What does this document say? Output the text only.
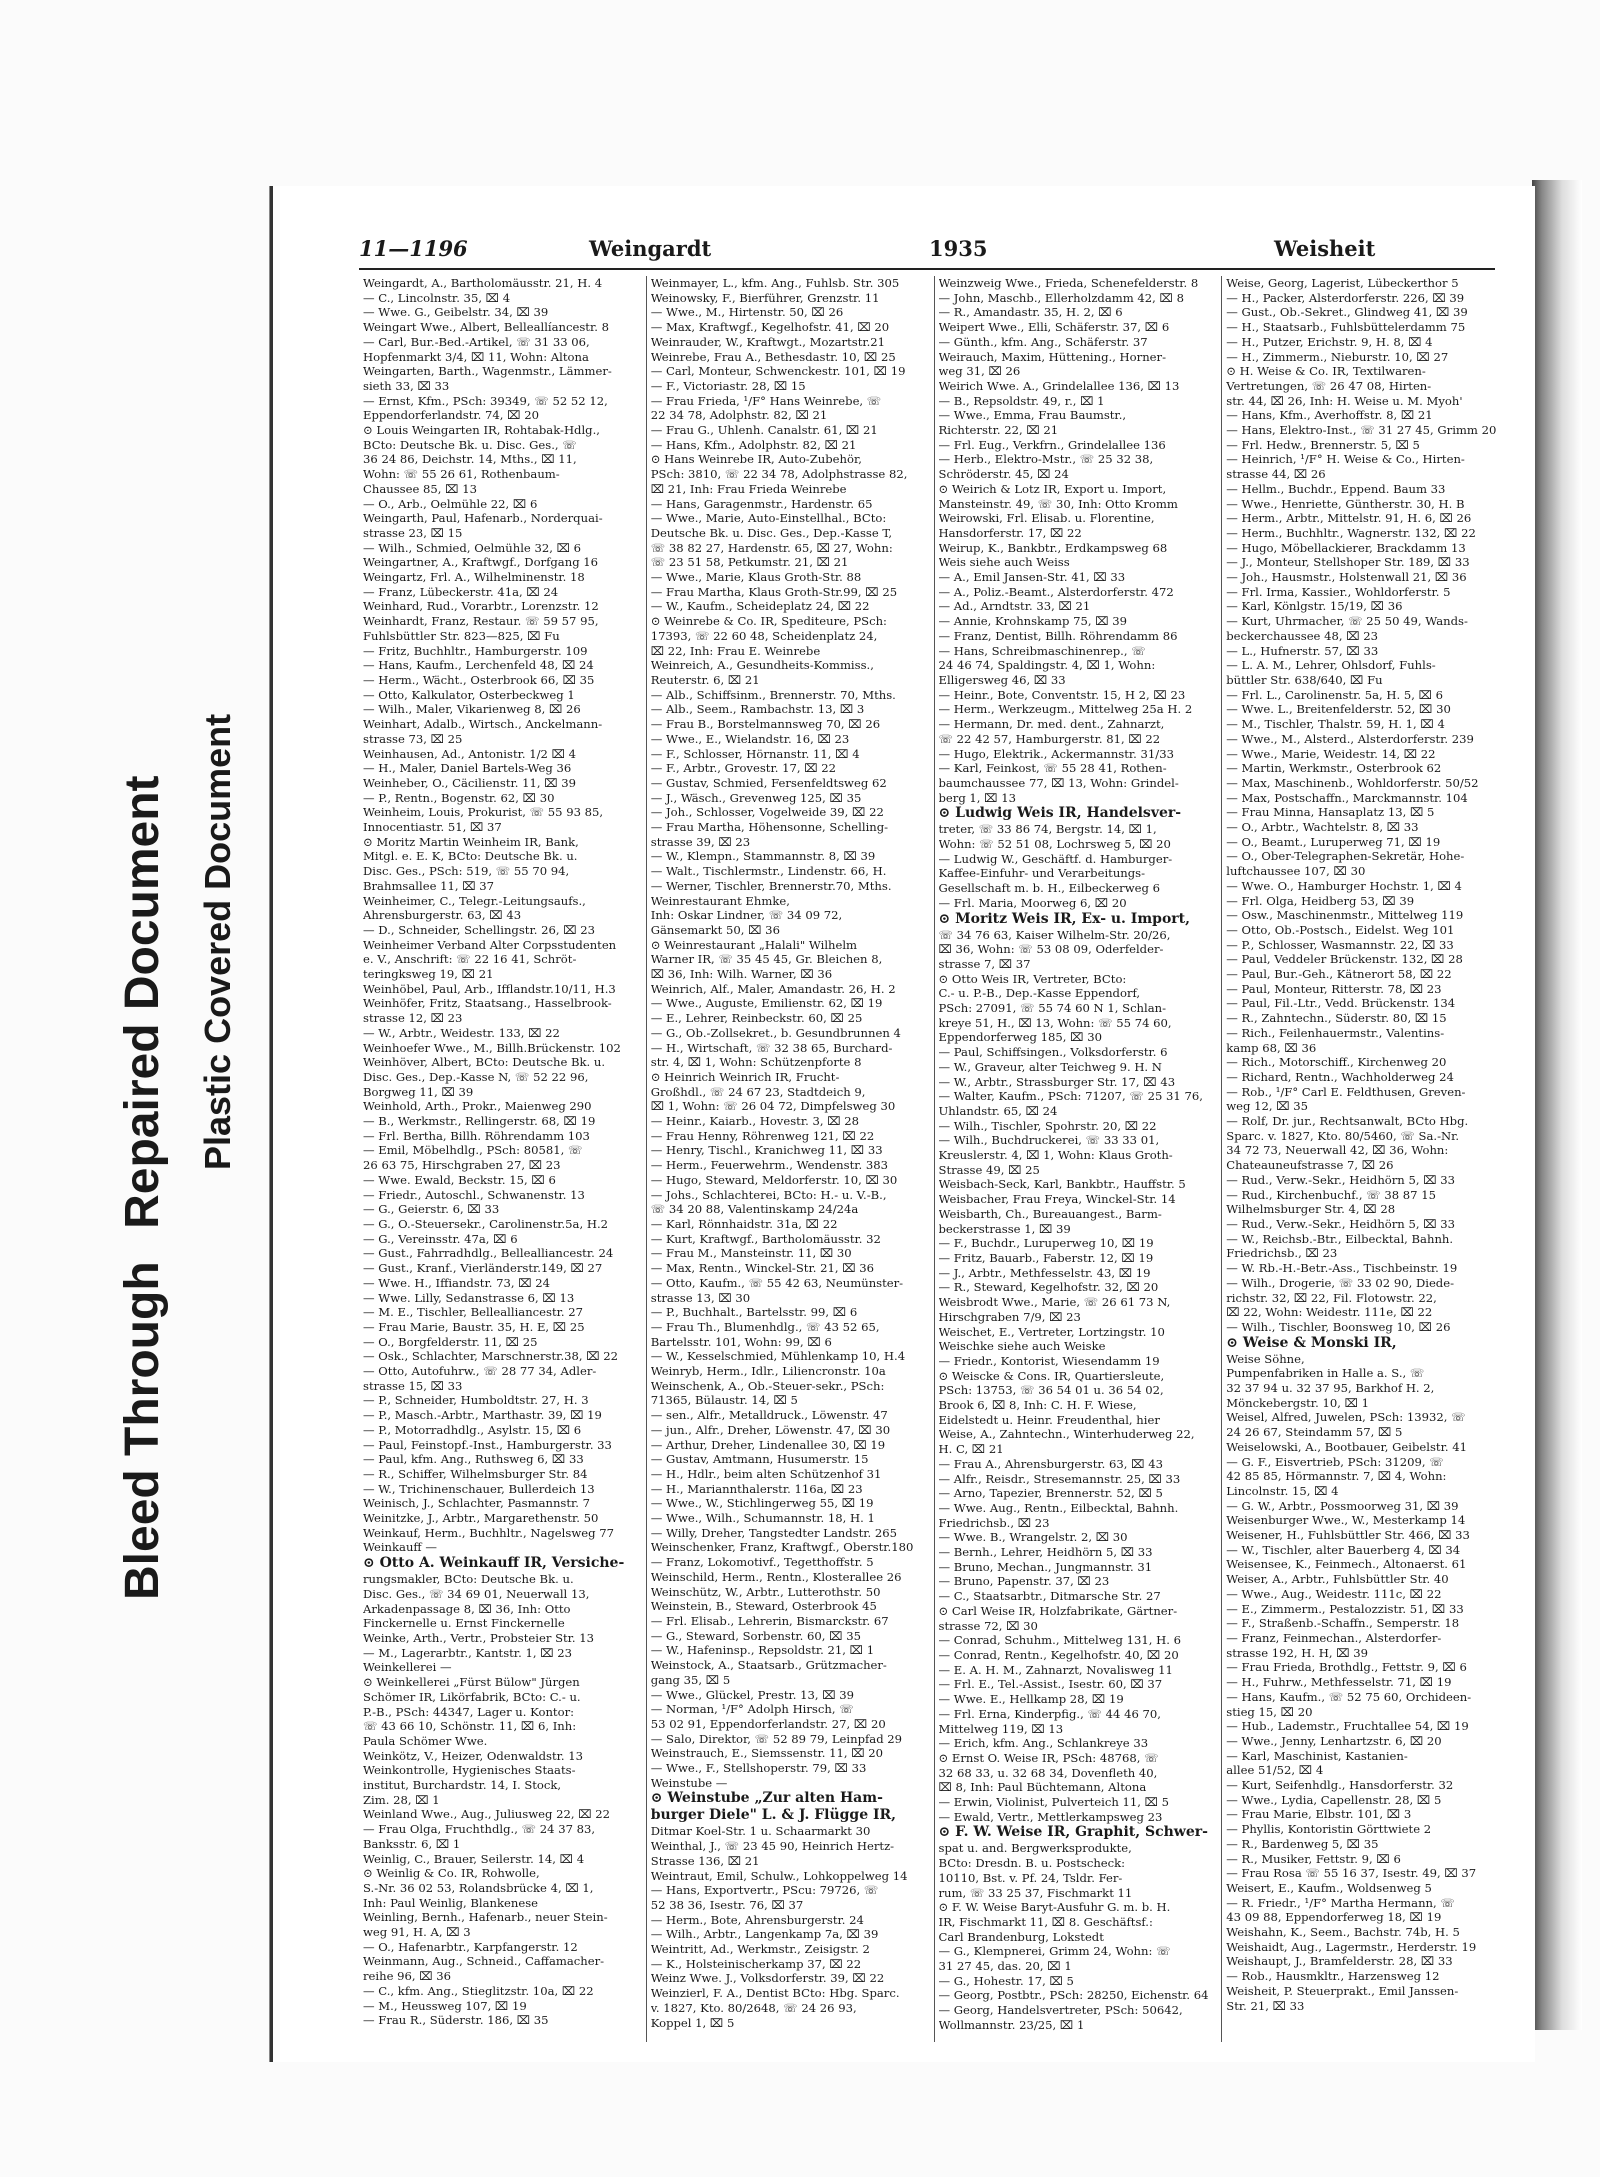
Bleed Through Repaired Document Plastic Covered Document
11—1196	Weingardt	1935	Weisheit

Weingardt, A., Bartholomäusstr. 21, H. 4

— C., Lincolnstr. 35, ⌧ 4

— Wwe. G., Geibelstr. 34, ⌧ 39

Weingart Wwe., Albert, Belleallíancestr. 8

— Carl, Bur.-Bed.-Artikel, ☏ 31 33 06,

Hopfenmarkt 3/4, ⌧ 11, Wohn: Altona

Weingarten, Barth., Wagenmstr., Lämmer-

sieth 33, ⌧ 33

— Ernst, Kfm., PSch: 39349, ☏ 52 52 12,

Eppendorferlandstr. 74, ⌧ 20

⊙ Louis Weingarten IR, Rohtabak-Hdlg.,

BCto: Deutsche Bk. u. Disc. Ges., ☏

36 24 86, Deichstr. 14, Mths., ⌧ 11,

Wohn: ☏ 55 26 61, Rothenbaum-

Chaussee 85, ⌧ 13

— O., Arb., Oelmühle 22, ⌧ 6

Weingarth, Paul, Hafenarb., Norderquai-

strasse 23, ⌧ 15

— Wilh., Schmied, Oelmühle 32, ⌧ 6

Weingartner, A., Kraftwgf., Dorfgang 16

Weingartz, Frl. A., Wilhelminenstr. 18

— Franz, Lübeckerstr. 41a, ⌧ 24

Weinhard, Rud., Vorarbtr., Lorenzstr. 12

Weinhardt, Franz, Restaur. ☏ 59 57 95,

Fuhlsbüttler Str. 823—825, ⌧ Fu

— Fritz, Buchhltr., Hamburgerstr. 109

— Hans, Kaufm., Lerchenfeld 48, ⌧ 24

— Herm., Wächt., Osterbrook 66, ⌧ 35

— Otto, Kalkulator, Osterbeckweg 1

— Wilh., Maler, Vikarienweg 8, ⌧ 26

Weinhart, Adalb., Wirtsch., Anckelmann-

strasse 73, ⌧ 25

Weinhausen, Ad., Antonistr. 1/2 ⌧ 4

— H., Maler, Daniel Bartels-Weg 36

Weinheber, O., Cäcilienstr. 11, ⌧ 39

— P., Rentn., Bogenstr. 62, ⌧ 30

Weinheim, Louis, Prokurist, ☏ 55 93 85,

Innocentiastr. 51, ⌧ 37

⊙ Moritz Martin Weinheim IR, Bank,

Mitgl. e. E. K, BCto: Deutsche Bk. u.

Disc. Ges., PSch: 519, ☏ 55 70 94,

Brahmsallee 11, ⌧ 37

Weinheimer, C., Telegr.-Leitungsaufs.,

Ahrensburgerstr. 63, ⌧ 43

— D., Schneider, Schellingstr. 26, ⌧ 23

Weinheimer Verband Alter Corpsstudenten

e. V., Anschrift: ☏ 22 16 41, Schröt-

teringksweg 19, ⌧ 21

Weinhöbel, Paul, Arb., Ifflandstr.10/11, H.3

Weinhöfer, Fritz, Staatsang., Hasselbrook-

strasse 12, ⌧ 23

— W., Arbtr., Weidestr. 133, ⌧ 22

Weinhoefer Wwe., M., Billh.Brückenstr. 102

Weinhöver, Albert, BCto: Deutsche Bk. u.

Disc. Ges., Dep.-Kasse N, ☏ 52 22 96,

Borgweg 11, ⌧ 39

Weinhold, Arth., Prokr., Maienweg 290

— B., Werkmstr., Rellingerstr. 68, ⌧ 19

— Frl. Bertha, Billh. Röhrendamm 103

— Emil, Möbelhdlg., PSch: 80581, ☏

26 63 75, Hirschgraben 27, ⌧ 23

— Wwe. Ewald, Beckstr. 15, ⌧ 6

— Friedr., Autoschl., Schwanenstr. 13

— G., Geierstr. 6, ⌧ 33

— G., O.-Steuersekr., Carolinenstr.5a, H.2

— G., Vereinsstr. 47a, ⌧ 6

— Gust., Fahrradhdlg., Bellealliancestr. 24

— Gust., Kranf., Vierländerstr.149, ⌧ 27

— Wwe. H., Iffiandstr. 73, ⌧ 24

— Wwe. Lilly, Sedanstrasse 6, ⌧ 13

— M. E., Tischler, Bellealliancestr. 27

— Frau Marie, Baustr. 35, H. E, ⌧ 25

— O., Borgfelderstr. 11, ⌧ 25

— Osk., Schlachter, Marschnerstr.38, ⌧ 22

— Otto, Autofuhrw., ☏ 28 77 34, Adler-

strasse 15, ⌧ 33

— P., Schneider, Humboldtstr. 27, H. 3

— P., Masch.-Arbtr., Marthastr. 39, ⌧ 19

— P., Motorradhdlg., Asylstr. 15, ⌧ 6

— Paul, Feinstopf.-Inst., Hamburgerstr. 33

— Paul, kfm. Ang., Ruthsweg 6, ⌧ 33

— R., Schiffer, Wilhelmsburger Str. 84

— W., Trichinenschauer, Bullerdeich 13

Weinisch, J., Schlachter, Pasmannstr. 7

Weinitzke, J., Arbtr., Margarethenstr. 50

Weinkauf, Herm., Buchhltr., Nagelsweg 77

Weinkauff —

⊙ Otto A. Weinkauff IR, Versiche-

rungsmakler, BCto: Deutsche Bk. u.

Disc. Ges., ☏ 34 69 01, Neuerwall 13,

Arkadenpassage 8, ⌧ 36, Inh: Otto

Finckernelle u. Ernst Finckernelle

Weinke, Arth., Vertr., Probsteier Str. 13

— M., Lagerarbtr., Kantstr. 1, ⌧ 23

Weinkellerei —

⊙ Weinkellerei „Fürst Bülow" Jürgen

Schömer IR, Likörfabrik, BCto: C.- u.

P.-B., PSch: 44347, Lager u. Kontor:

☏ 43 66 10, Schönstr. 11, ⌧ 6, Inh:

Paula Schömer Wwe.

Weinkötz, V., Heizer, Odenwaldstr. 13

Weinkontrolle, Hygienisches Staats-

institut, Burchardstr. 14, I. Stock,

Zim. 28, ⌧ 1

Weinland Wwe., Aug., Juliusweg 22, ⌧ 22

— Frau Olga, Fruchthdlg., ☏ 24 37 83,

Banksstr. 6, ⌧ 1

Weinlig, C., Brauer, Seilerstr. 14, ⌧ 4

⊙ Weinlig & Co. IR, Rohwolle,

S.-Nr. 36 02 53, Rolandsbrücke 4, ⌧ 1,

Inh: Paul Weinlig, Blankenese

Weinling, Bernh., Hafenarb., neuer Stein-

weg 91, H. A, ⌧ 3

— O., Hafenarbtr., Karpfangerstr. 12

Weinmann, Aug., Schneid., Caffamacher-

reihe 96, ⌧ 36

— C., kfm. Ang., Stieglitzstr. 10a, ⌧ 22

— M., Heussweg 107, ⌧ 19

— Frau R., Süderstr. 186, ⌧ 35

Weinmayer, L., kfm. Ang., Fuhlsb. Str. 305

Weinowsky, F., Bierführer, Grenzstr. 11

— Wwe., M., Hirtenstr. 50, ⌧ 26

— Max, Kraftwgf., Kegelhofstr. 41, ⌧ 20

Weinrauder, W., Kraftwgt., Mozartstr.21

Weinrebe, Frau A., Bethesdastr. 10, ⌧ 25

— Carl, Monteur, Schwenckestr. 101, ⌧ 19

— F., Victoriastr. 28, ⌧ 15

— Frau Frieda, ¹/F° Hans Weinrebe, ☏

22 34 78, Adolphstr. 82, ⌧ 21

— Frau G., Uhlenh. Canalstr. 61, ⌧ 21

— Hans, Kfm., Adolphstr. 82, ⌧ 21

⊙ Hans Weinrebe IR, Auto-Zubehör,

PSch: 3810, ☏ 22 34 78, Adolphstrasse 82,

⌧ 21, Inh: Frau Frieda Weinrebe

— Hans, Garagenmstr., Hardenstr. 65

— Wwe., Marie, Auto-Einstellhal., BCto:

Deutsche Bk. u. Disc. Ges., Dep.-Kasse T,

☏ 38 82 27, Hardenstr. 65, ⌧ 27, Wohn:

☏ 23 51 58, Petkumstr. 21, ⌧ 21

— Wwe., Marie, Klaus Groth-Str. 88

— Frau Martha, Klaus Groth-Str.99, ⌧ 25

— W., Kaufm., Scheideplatz 24, ⌧ 22

⊙ Weinrebe & Co. IR, Spediteure, PSch:

17393, ☏ 22 60 48, Scheidenplatz 24,

⌧ 22, Inh: Frau E. Weinrebe

Weinreich, A., Gesundheits-Kommiss.,

Reuterstr. 6, ⌧ 21

— Alb., Schiffsinm., Brennerstr. 70, Mths.

— Alb., Seem., Rambachstr. 13, ⌧ 3

— Frau B., Borstelmannsweg 70, ⌧ 26

— Wwe., E., Wielandstr. 16, ⌧ 23

— F., Schlosser, Hörnanstr. 11, ⌧ 4

— F., Arbtr., Grovestr. 17, ⌧ 22

— Gustav, Schmied, Fersenfeldtsweg 62

— J., Wäsch., Grevenweg 125, ⌧ 35

— Joh., Schlosser, Vogelweide 39, ⌧ 22

— Frau Martha, Höhensonne, Schelling-

strasse 39, ⌧ 23

— W., Klempn., Stammannstr. 8, ⌧ 39

— Walt., Tischlermstr., Lindenstr. 66, H.

— Werner, Tischler, Brennerstr.70, Mths.

Weinrestaurant Ehmke,

Inh: Oskar Lindner, ☏ 34 09 72,

Gänsemarkt 50, ⌧ 36

⊙ Weinrestaurant „Halali" Wilhelm

Warner IR, ☏ 35 45 45, Gr. Bleichen 8,

⌧ 36, Inh: Wilh. Warner, ⌧ 36

Weinrich, Alf., Maler, Amandastr. 26, H. 2

— Wwe., Auguste, Emilienstr. 62, ⌧ 19

— E., Lehrer, Reinbeckstr. 60, ⌧ 25

— G., Ob.-Zollsekret., b. Gesundbrunnen 4

— H., Wirtschaft, ☏ 32 38 65, Burchard-

str. 4, ⌧ 1, Wohn: Schützenpforte 8

⊙ Heinrich Weinrich IR, Frucht-

Großhdl., ☏ 24 67 23, Stadtdeich 9,

⌧ 1, Wohn: ☏ 26 04 72, Dimpfelsweg 30

— Heinr., Kaiarb., Hovestr. 3, ⌧ 28

— Frau Henny, Röhrenweg 121, ⌧ 22

— Henry, Tischl., Kranichweg 11, ⌧ 33

— Herm., Feuerwehrm., Wendenstr. 383

— Hugo, Steward, Meldorferstr. 10, ⌧ 30

— Johs., Schlachterei, BCto: H.- u. V.-B.,

☏ 34 20 88, Valentinskamp 24/24a

— Karl, Rönnhaidstr. 31a, ⌧ 22

— Kurt, Kraftwgf., Bartholomäusstr. 32

— Frau M., Mansteinstr. 11, ⌧ 30

— Max, Rentn., Winckel-Str. 21, ⌧ 36

— Otto, Kaufm., ☏ 55 42 63, Neumünster-

strasse 13, ⌧ 30

— P., Buchhalt., Bartelsstr. 99, ⌧ 6

— Frau Th., Blumenhdlg., ☏ 43 52 65,

Bartelsstr. 101, Wohn: 99, ⌧ 6

— W., Kesselschmied, Mühlenkamp 10, H.4

Weinryb, Herm., Idlr., Liliencronstr. 10a

Weinschenk, A., Ob.-Steuer-sekr., PSch:

71365, Bülaustr. 14, ⌧ 5

— sen., Alfr., Metalldruck., Löwenstr. 47

— jun., Alfr., Dreher, Löwenstr. 47, ⌧ 30

— Arthur, Dreher, Lindenallee 30, ⌧ 19

— Gustav, Amtmann, Husumerstr. 15

— H., Hdlr., beim alten Schützenhof 31

— H., Mariannthalerstr. 116a, ⌧ 23

— Wwe., W., Stichlingerweg 55, ⌧ 19

— Wwe., Wilh., Schumannstr. 18, H. 1

— Willy, Dreher, Tangstedter Landstr. 265

Weinschenker, Franz, Kraftwgf., Oberstr.180

— Franz, Lokomotivf., Tegetthoffstr. 5

Weinschild, Herm., Rentn., Klosterallee 26

Weinschütz, W., Arbtr., Lutterothstr. 50

Weinstein, B., Steward, Osterbrook 45

— Frl. Elisab., Lehrerin, Bismarckstr. 67

— G., Steward, Sorbenstr. 60, ⌧ 35

— W., Hafeninsp., Repsoldstr. 21, ⌧ 1

Weinstock, A., Staatsarb., Grützmacher-

gang 35, ⌧ 5

— Wwe., Glückel, Prestr. 13, ⌧ 39

— Norman, ¹/F° Adolph Hirsch, ☏

53 02 91, Eppendorferlandstr. 27, ⌧ 20

— Salo, Direktor, ☏ 52 89 79, Leinpfad 29

Weinstrauch, E., Siemssenstr. 11, ⌧ 20

— Wwe., F., Stellshoperstr. 79, ⌧ 33

Weinstube —

⊙ Weinstube „Zur alten Ham-

burger Diele" L. & J. Flügge IR,

Ditmar Koel-Str. 1 u. Schaarmarkt 30

Weinthal, J., ☏ 23 45 90, Heinrich Hertz-

Strasse 136, ⌧ 21

Weintraut, Emil, Schulw., Lohkoppelweg 14

— Hans, Exportvertr., PScu: 79726, ☏

52 38 36, Isestr. 76, ⌧ 37

— Herm., Bote, Ahrensburgerstr. 24

— Wilh., Arbtr., Langenkamp 7a, ⌧ 39

Weintritt, Ad., Werkmstr., Zeisigstr. 2

— K., Holsteinischerkamp 37, ⌧ 22

Weinz Wwe. J., Volksdorferstr. 39, ⌧ 22

Weinzierl, F. A., Dentist BCto: Hbg. Sparc.

v. 1827, Kto. 80/2648, ☏ 24 26 93,

Koppel 1, ⌧ 5

Weinzweig Wwe., Frieda, Schenefelderstr. 8

— John, Maschb., Ellerholzdamm 42, ⌧ 8

— R., Amandastr. 35, H. 2, ⌧ 6

Weipert Wwe., Elli, Schäferstr. 37, ⌧ 6

— Günth., kfm. Ang., Schäferstr. 37

Weirauch, Maxim, Hüttening., Horner-

weg 31, ⌧ 26

Weirich Wwe. A., Grindelallee 136, ⌧ 13

— B., Repsoldstr. 49, r., ⌧ 1

— Wwe., Emma, Frau Baumstr.,

Richterstr. 22, ⌧ 21

— Frl. Eug., Verkfrn., Grindelallee 136

— Herb., Elektro-Mstr., ☏ 25 32 38,

Schröderstr. 45, ⌧ 24

⊙ Weirich & Lotz IR, Export u. Import,

Mansteinstr. 49, ☏ 30, Inh: Otto Kromm

Weirowski, Frl. Elisab. u. Florentine,

Hansdorferstr. 17, ⌧ 22

Weirup, K., Bankbtr., Erdkampsweg 68

Weis siehe auch Weiss

— A., Emil Jansen-Str. 41, ⌧ 33

— A., Poliz.-Beamt., Alsterdorferstr. 472

— Ad., Arndtstr. 33, ⌧ 21

— Annie, Krohnskamp 75, ⌧ 39

— Franz, Dentist, Billh. Röhrendamm 86

— Hans, Schreibmaschinenrep., ☏

24 46 74, Spaldingstr. 4, ⌧ 1, Wohn:

Elligersweg 46, ⌧ 33

— Heinr., Bote, Conventstr. 15, H 2, ⌧ 23

— Herm., Werkzeugm., Mittelweg 25a H. 2

— Hermann, Dr. med. dent., Zahnarzt,

☏ 22 42 57, Hamburgerstr. 81, ⌧ 22

— Hugo, Elektrik., Ackermannstr. 31/33

— Karl, Feinkost, ☏ 55 28 41, Rothen-

baumchaussee 77, ⌧ 13, Wohn: Grindel-

berg 1, ⌧ 13

⊙ Ludwig Weis IR, Handelsver-

treter, ☏ 33 86 74, Bergstr. 14, ⌧ 1,

Wohn: ☏ 52 51 08, Lochrsweg 5, ⌧ 20

— Ludwig W., Geschäftf. d. Hamburger-

Kaffee-Einfuhr- und Verarbeitungs-

Gesellschaft m. b. H., Eilbeckerweg 6

— Frl. Maria, Moorweg 6, ⌧ 20

⊙ Moritz Weis IR, Ex- u. Import,

☏ 34 76 63, Kaiser Wilhelm-Str. 20/26,

⌧ 36, Wohn: ☏ 53 08 09, Oderfelder-

strasse 7, ⌧ 37

⊙ Otto Weis IR, Vertreter, BCto:

C.- u. P.-B., Dep.-Kasse Eppendorf,

PSch: 27091, ☏ 55 74 60 N 1, Schlan-

kreye 51, H., ⌧ 13, Wohn: ☏ 55 74 60,

Eppendorferweg 185, ⌧ 30

— Paul, Schiffsingen., Volksdorferstr. 6

— W., Graveur, alter Teichweg 9. H. N

— W., Arbtr., Strassburger Str. 17, ⌧ 43

— Walter, Kaufm., PSch: 71207, ☏ 25 31 76,

Uhlandstr. 65, ⌧ 24

— Wilh., Tischler, Spohrstr. 20, ⌧ 22

— Wilh., Buchdruckerei, ☏ 33 33 01,

Kreuslerstr. 4, ⌧ 1, Wohn: Klaus Groth-

Strasse 49, ⌧ 25

Weisbach-Seck, Karl, Bankbtr., Hauffstr. 5

Weisbacher, Frau Freya, Winckel-Str. 14

Weisbarth, Ch., Bureauangest., Barm-

beckerstrasse 1, ⌧ 39

— F., Buchdr., Luruperweg 10, ⌧ 19

— Fritz, Bauarb., Faberstr. 12, ⌧ 19

— J., Arbtr., Methfesselstr. 43, ⌧ 19

— R., Steward, Kegelhofstr. 32, ⌧ 20

Weisbrodt Wwe., Marie, ☏ 26 61 73 N,

Hirschgraben 7/9, ⌧ 23

Weischet, E., Vertreter, Lortzingstr. 10

Weischke siehe auch Weiske

— Friedr., Kontorist, Wiesendamm 19

⊙ Weiscke & Cons. IR, Quartiersleute,

PSch: 13753, ☏ 36 54 01 u. 36 54 02,

Brook 6, ⌧ 8, Inh: C. H. F. Wiese,

Eidelstedt u. Heinr. Freudenthal, hier

Weise, A., Zahntechn., Winterhuderweg 22,

H. C, ⌧ 21

— Frau A., Ahrensburgerstr. 63, ⌧ 43

— Alfr., Reisdr., Stresemannstr. 25, ⌧ 33

— Arno, Tapezier, Brennerstr. 52, ⌧ 5

— Wwe. Aug., Rentn., Eilbecktal, Bahnh.

Friedrichsb., ⌧ 23

— Wwe. B., Wrangelstr. 2, ⌧ 30

— Bernh., Lehrer, Heidhörn 5, ⌧ 33

— Bruno, Mechan., Jungmannstr. 31

— Bruno, Papenstr. 37, ⌧ 23

— C., Staatsarbtr., Ditmarsche Str. 27

⊙ Carl Weise IR, Holzfabrikate, Gärtner-

strasse 72, ⌧ 30

— Conrad, Schuhm., Mittelweg 131, H. 6

— Conrad, Rentn., Kegelhofstr. 40, ⌧ 20

— E. A. H. M., Zahnarzt, Novalisweg 11

— Frl. E., Tel.-Assist., Isestr. 60, ⌧ 37

— Wwe. E., Hellkamp 28, ⌧ 19

— Frl. Erna, Kinderpfig., ☏ 44 46 70,

Mittelweg 119, ⌧ 13

— Erich, kfm. Ang., Schlankreye 33

⊙ Ernst O. Weise IR, PSch: 48768, ☏

32 68 33, u. 32 68 34, Dovenfleth 40,

⌧ 8, Inh: Paul Büchtemann, Altona

— Erwin, Violinist, Pulverteich 11, ⌧ 5

— Ewald, Vertr., Mettlerkampsweg 23

⊙ F. W. Weise IR, Graphit, Schwer-

spat u. and. Bergwerksprodukte,

BCto: Dresdn. B. u. Postscheck:

10110, Bst. v. Pf. 24, Tsldr. Fer-

rum, ☏ 33 25 37, Fischmarkt 11

⊙ F. W. Weise Baryt-Ausfuhr G. m. b. H.

IR, Fischmarkt 11, ⌧ 8. Geschäftsf.:

Carl Brandenburg, Lokstedt

— G., Klempnerei, Grimm 24, Wohn: ☏

31 27 45, das. 20, ⌧ 1

— G., Hohestr. 17, ⌧ 5

— Georg, Postbtr., PSch: 28250, Eichenstr. 64

— Georg, Handelsvertreter, PSch: 50642,

Wollmannstr. 23/25, ⌧ 1

Weise, Georg, Lagerist, Lübeckerthor 5

— H., Packer, Alsterdorferstr. 226, ⌧ 39

— Gust., Ob.-Sekret., Glindweg 41, ⌧ 39

— H., Staatsarb., Fuhlsbüttelerdamm 75

— H., Putzer, Erichstr. 9, H. 8, ⌧ 4

— H., Zimmerm., Nieburstr. 10, ⌧ 27

⊙ H. Weise & Co. IR, Textilwaren-

Vertretungen, ☏ 26 47 08, Hirten-

str. 44, ⌧ 26, Inh: H. Weise u. M. Myoh'

— Hans, Kfm., Averhoffstr. 8, ⌧ 21

— Hans, Elektro-Inst., ☏ 31 27 45, Grimm 20

— Frl. Hedw., Brennerstr. 5, ⌧ 5

— Heinrich, ¹/F° H. Weise & Co., Hirten-

strasse 44, ⌧ 26

— Hellm., Buchdr., Eppend. Baum 33

— Wwe., Henriette, Güntherstr. 30, H. B

— Herm., Arbtr., Mittelstr. 91, H. 6, ⌧ 26

— Herm., Buchhltr., Wagnerstr. 132, ⌧ 22

— Hugo, Möbellackierer, Brackdamm 13

— J., Monteur, Stellshoper Str. 189, ⌧ 33

— Joh., Hausmstr., Holstenwall 21, ⌧ 36

— Frl. Irma, Kassier., Wohldorferstr. 5

— Karl, Könlgstr. 15/19, ⌧ 36

— Kurt, Uhrmacher, ☏ 25 50 49, Wands-

beckerchaussee 48, ⌧ 23

— L., Hufnerstr. 57, ⌧ 33

— L. A. M., Lehrer, Ohlsdorf, Fuhls-

büttler Str. 638/640, ⌧ Fu

— Frl. L., Carolinenstr. 5a, H. 5, ⌧ 6

— Wwe. L., Breitenfelderstr. 52, ⌧ 30

— M., Tischler, Thalstr. 59, H. 1, ⌧ 4

— Wwe., M., Alsterd., Alsterdorferstr. 239

— Wwe., Marie, Weidestr. 14, ⌧ 22

— Martin, Werkmstr., Osterbrook 62

— Max, Maschinenb., Wohldorferstr. 50/52

— Max, Postschaffn., Marckmannstr. 104

— Frau Minna, Hansaplatz 13, ⌧ 5

— O., Arbtr., Wachtelstr. 8, ⌧ 33

— O., Beamt., Luruperweg 71, ⌧ 19

— O., Ober-Telegraphen-Sekretär, Hohe-

luftchaussee 107, ⌧ 30

— Wwe. O., Hamburger Hochstr. 1, ⌧ 4

— Frl. Olga, Heidberg 53, ⌧ 39

— Osw., Maschinenmstr., Mittelweg 119

— Otto, Ob.-Postsch., Eidelst. Weg 101

— P., Schlosser, Wasmannstr. 22, ⌧ 33

— Paul, Veddeler Brückenstr. 132, ⌧ 28

— Paul, Bur.-Geh., Kätnerort 58, ⌧ 22

— Paul, Monteur, Ritterstr. 78, ⌧ 23

— Paul, Fil.-Ltr., Vedd. Brückenstr. 134

— R., Zahntechn., Süderstr. 80, ⌧ 15

— Rich., Feilenhauermstr., Valentins-

kamp 68, ⌧ 36

— Rich., Motorschiff., Kirchenweg 20

— Richard, Rentn., Wachholderweg 24

— Rob., ¹/F° Carl E. Feldthusen, Greven-

weg 12, ⌧ 35

— Rolf, Dr. jur., Rechtsanwalt, BCto Hbg.

Sparc. v. 1827, Kto. 80/5460, ☏ Sa.-Nr.

34 72 73, Neuerwall 42, ⌧ 36, Wohn:

Chateauneufstrasse 7, ⌧ 26

— Rud., Verw.-Sekr., Heidhörn 5, ⌧ 33

— Rud., Kirchenbuchf., ☏ 38 87 15

Wilhelmsburger Str. 4, ⌧ 28

— Rud., Verw.-Sekr., Heidhörn 5, ⌧ 33

— W., Reichsb.-Btr., Eilbecktal, Bahnh.

Friedrichsb., ⌧ 23

— W. Rb.-H.-Betr.-Ass., Tischbeinstr. 19

— Wilh., Drogerie, ☏ 33 02 90, Diede-

richstr. 32, ⌧ 22, Fil. Flotowstr. 22,

⌧ 22, Wohn: Weidestr. 111e, ⌧ 22

— Wilh., Tischler, Boonsweg 10, ⌧ 26

⊙ Weise & Monski IR,

Weise Söhne,

Pumpenfabriken in Halle a. S., ☏

32 37 94 u. 32 37 95, Barkhof H. 2,

Mönckebergstr. 10, ⌧ 1

Weisel, Alfred, Juwelen, PSch: 13932, ☏

24 26 67, Steindamm 57, ⌧ 5

Weiselowski, A., Bootbauer, Geibelstr. 41

— G. F., Eisvertrieb, PSch: 31209, ☏

42 85 85, Hörmannstr. 7, ⌧ 4, Wohn:

Lincolnstr. 15, ⌧ 4

— G. W., Arbtr., Possmoorweg 31, ⌧ 39

Weisenburger Wwe., W., Mesterkamp 14

Weisener, H., Fuhlsbüttler Str. 466, ⌧ 33

— W., Tischler, alter Bauerberg 4, ⌧ 34

Weisensee, K., Feinmech., Altonaerst. 61

Weiser, A., Arbtr., Fuhlsbüttler Str. 40

— Wwe., Aug., Weidestr. 111c, ⌧ 22

— E., Zimmerm., Pestalozzistr. 51, ⌧ 33

— F., Straßenb.-Schaffn., Semperstr. 18

— Franz, Feinmechan., Alsterdorfer-

strasse 192, H. H, ⌧ 39

— Frau Frieda, Brothdlg., Fettstr. 9, ⌧ 6

— H., Fuhrw., Methfesselstr. 71, ⌧ 19

— Hans, Kaufm., ☏ 52 75 60, Orchideen-

stieg 15, ⌧ 20

— Hub., Lademstr., Fruchtallee 54, ⌧ 19

— Wwe., Jenny, Lenhartzstr. 6, ⌧ 20

— Karl, Maschinist, Kastanien-

allee 51/52, ⌧ 4

— Kurt, Seifenhdlg., Hansdorferstr. 32

— Wwe., Lydia, Capellenstr. 28, ⌧ 5

— Frau Marie, Elbstr. 101, ⌧ 3

— Phyllis, Kontoristin Görttwiete 2

— R., Bardenweg 5, ⌧ 35

— R., Musiker, Fettstr. 9, ⌧ 6

— Frau Rosa ☏ 55 16 37, Isestr. 49, ⌧ 37

Weisert, E., Kaufm., Woldsenweg 5

— R. Friedr., ¹/F° Martha Hermann, ☏

43 09 88, Eppendorferweg 18, ⌧ 19

Weishahn, K., Seem., Bachstr. 74b, H. 5

Weishaidt, Aug., Lagermstr., Herderstr. 19

Weishaupt, J., Bramfelderstr. 28, ⌧ 33

— Rob., Hausmkltr., Harzensweg 12

Weisheit, P. Steuerprakt., Emil Janssen-

Str. 21, ⌧ 33
